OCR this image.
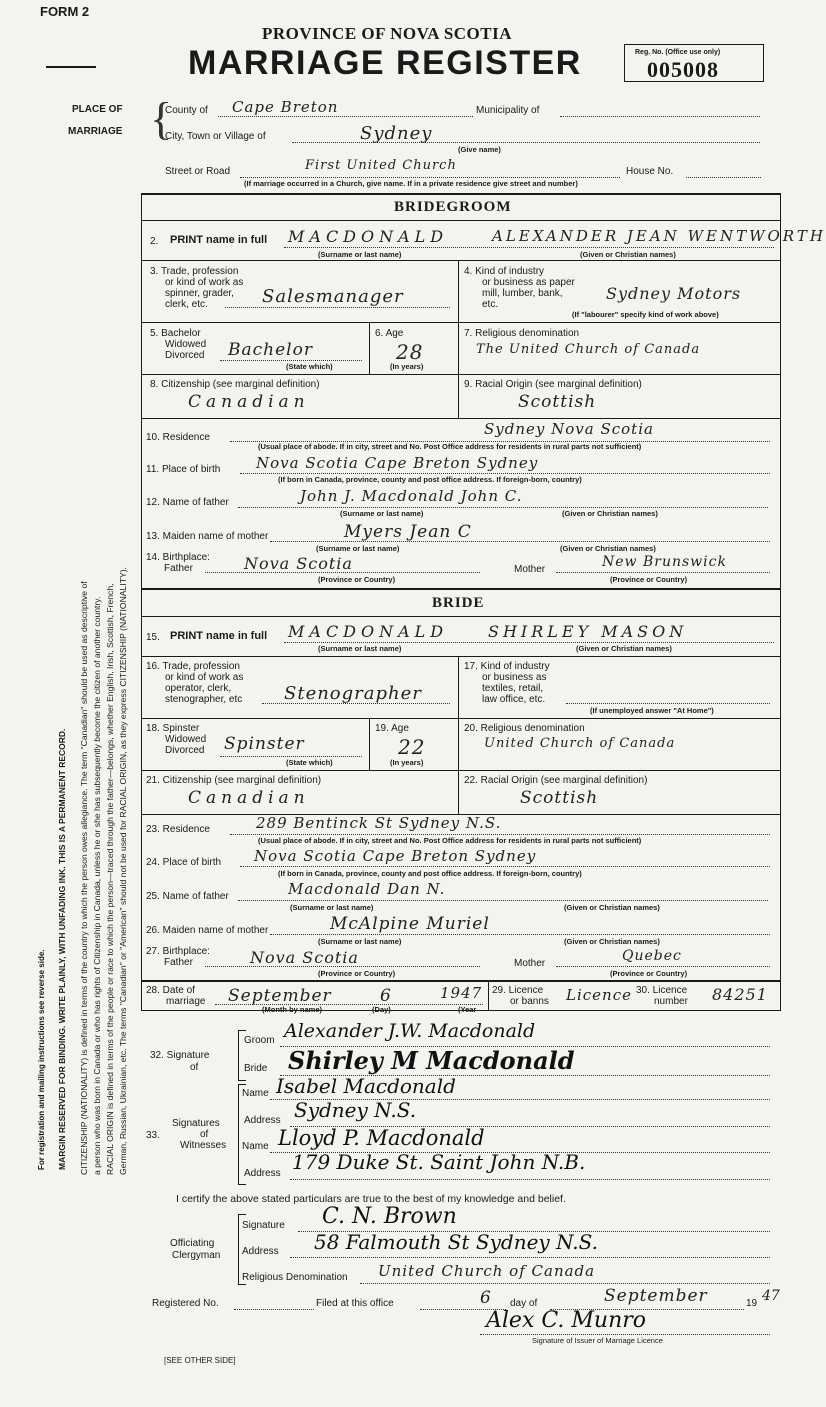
For registration and mailing instructions see reverse side. MARGIN RESERVED FOR BINDING. WRITE PLAINLY, WITH UNFADING INK. THIS IS A PERMANENT RECORD. CITIZENSHIP (NATIONALITY) is defined in terms of the country to which the person owes allegiance. The term "Canadian" should be used as descriptive of a person who was born in Canada or who has rights of Citizenship in Canada, unless he or she has subsequently become the citizen of another country. RACIAL ORIGIN is defined in terms of the people or race to which the person—traced through the father—belongs, whether English, Irish, Scottish, French, German, Russian, Ukrainian, etc. The terms "Canadian" or "American" should not be used for RACIAL ORIGIN, as they express CITIZENSHIP (NATIONALITY).
FORM 2
PROVINCE OF NOVA SCOTIA
MARRIAGE REGISTER	Reg. No. (Office use only)
005008
PLACE OF
MARRIAGE {
County of Cape Breton	Municipality of
City, Town or Village of	Sydney
(Give name)
Street or Road	First United Church	House No.
(If marriage occurred in a Church, give name. If in a private residence give street and number)
BRIDEGROOM
2. PRINT name in full MACDONALD	ALEXANDER JEAN WENTWORTH
(Surname or last name)	(Given or Christian names)
3. Trade, profession
or kind of work as
spinner, grader,
clerk, etc.	Salesmanager
4. Kind of industry
or business as paper
mill, lumber, bank,
etc.
Sydney Motors
(If "labourer" specify kind of work above)
5. Bachelor
Widowed
Divorced Bachelor
(State which)
6. Age
28
(In years)
7. Religious denomination
The United Church of Canada
8. Citizenship (see marginal definition)
Canadian
9. Racial Origin (see marginal definition)
Scottish
10. Residence	Sydney Nova Scotia
(Usual place of abode. If in city, street and No. Post Office address for residents in rural parts not sufficient)
11. Place of birth Nova Scotia Cape Breton Sydney
(If born in Canada, province, county and post office address. If foreign-born, country)
12. Name of father	John J. Macdonald John C.
(Surname or last name)	(Given or Christian names)
13. Maiden name of mother	Myers Jean C
(Surname or last name)	(Given or Christian names)
14. Birthplace:
Father	Nova Scotia
(Province or Country)
Mother	New Brunswick
(Province or Country)
BRIDE
15. PRINT name in full MACDONALD SHIRLEY MASON
(Surname or last name)	(Given or Christian names)
16. Trade, profession
or kind of work as
operator, clerk,
stenographer, etc Stenographer
17. Kind of industry
or business as
textiles, retail,
law office, etc.
(If unemployed answer "At Home")
18. Spinster
Widowed
Divorced Spinster
(State which)
19. Age
22
(In years)
20. Religious denomination
United Church of Canada
21. Citizenship (see marginal definition)
Canadian
22. Racial Origin (see marginal definition)
Scottish
23. Residence	289 Bentinck St Sydney N.S.
(Usual place of abode. If in city, street and No. Post Office address for residents in rural parts not sufficient)
24. Place of birth Nova Scotia Cape Breton Sydney
(If born in Canada, province, county and post office address. If foreign-born, country)
25. Name of father	Macdonald Dan N.
(Surname or last name)	(Given or Christian names)
26. Maiden name of mother	McAlpine Muriel
(Surname or last name)	(Given or Christian names)
27. Birthplace:
Father	Nova Scotia
(Province or Country)
Mother	Quebec
(Province or Country)
28. Date of
marriage September	6	1947 29. Licence
or banns Licence 30. Licence
number 84251
32. Signature
of
Groom Alexander J.W. Macdonald
Bride Shirley M Macdonald
Signatures
of
Witnesses
33.
Name Isabel Macdonald
Address Sydney N.S.
Name Lloyd P. Macdonald
Address 179 Duke St. Saint John N.B.
I certify the above stated particulars are true to the best of my knowledge and belief.
Officiating
Clergyman
Signature C. N. Brown
Address 58 Falmouth St Sydney N.S.
Religious Denomination United Church of Canada
Registered No.	Filed at this office	6 day of	September	19 47
Alex C. Munro
Signature of Issuer of Marriage Licence
[SEE OTHER SIDE]
